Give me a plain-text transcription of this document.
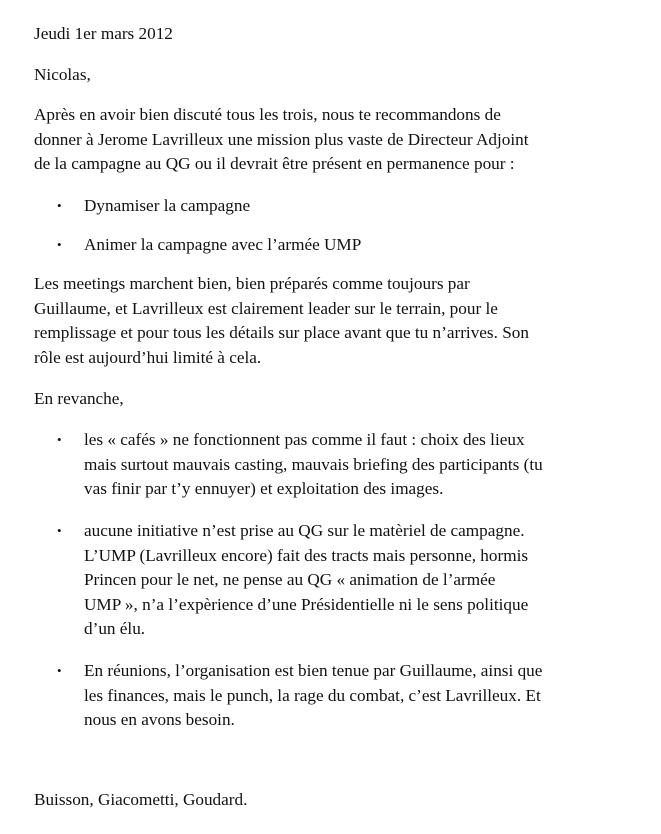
Jeudi 1er mars 2012

Nicolas,

Après en avoir bien discuté tous les trois, nous te recommandons de
donner à Jerome Lavrilleux une mission plus vaste de Directeur Adjoint
de la campagne au QG ou il devrait être présent en permanence pour :
•	Dynamiser la campagne
•	Animer la campagne avec l’armée UMP
Les meetings marchent bien, bien préparés comme toujours par
Guillaume, et Lavrilleux est clairement leader sur le terrain, pour le
remplissage et pour tous les détails sur place avant que tu n’arrives. Son
rôle est aujourd’hui limité à cela.

En revanche,

•	les « cafés » ne fonctionnent pas comme il faut : choix des lieux
mais surtout mauvais casting, mauvais briefing des participants (tu
vas finir par t’y ennuyer) et exploitation des images.
•	aucune initiative n’est prise au QG sur le matèriel de campagne.
L’UMP (Lavrilleux encore) fait des tracts mais personne, hormis
Princen pour le net, ne pense au QG « animation de l’armée
UMP », n’a l’expèrience d’une Présidentielle ni le sens politique
d’un élu.
•	En réunions, l’organisation est bien tenue par Guillaume, ainsi que
les finances, mais le punch, la rage du combat, c’est Lavrilleux. Et
nous en avons besoin.

Buisson, Giacometti, Goudard.
